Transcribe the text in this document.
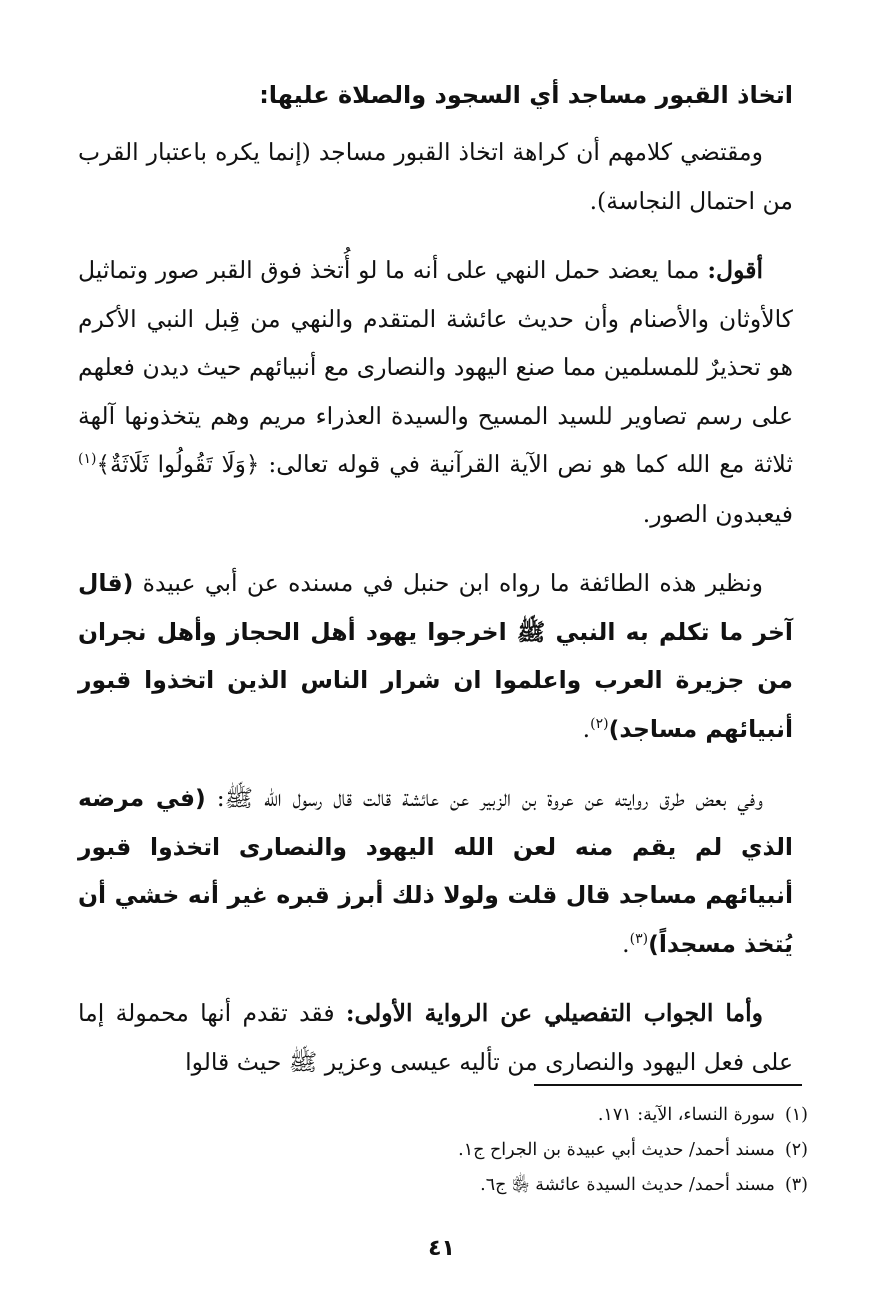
اتخاذ القبور مساجد أي السجود والصلاة عليها:

ومقتضي كلامهم أن كراهة اتخاذ القبور مساجد (إنما يكره باعتبار القرب من احتمال النجاسة).

أقول: مما يعضد حمل النهي على أنه ما لو أُتخذ فوق القبر صور وتماثيل كالأوثان والأصنام وأن حديث عائشة المتقدم والنهي من قِبل النبي الأكرم هو تحذيرٌ للمسلمين مما صنع اليهود والنصارى مع أنبيائهم حيث ديدن فعلهم على رسم تصاوير للسيد المسيح والسيدة العذراء مريم وهم يتخذونها آلهة ثلاثة مع الله كما هو نص الآية القرآنية في قوله تعالى: ﴿وَلَا تَقُولُوا ثَلَاثَةٌ﴾$^{(١)}$ فيعبدون الصور.

ونظير هذه الطائفة ما رواه ابن حنبل في مسنده عن أبي عبيدة (قال آخر ما تكلم به النبي ﷺ اخرجوا يهود أهل الحجاز وأهل نجران من جزيرة العرب واعلموا ان شرار الناس الذين اتخذوا قبور أنبيائهم مساجد)$^{(٢)}$.

وفي بعض طرق روايته عن عروة بن الزبير عن عائشة قالت قال رسول الله ﷺ: (في مرضه الذي لم يقم منه لعن الله اليهود والنصارى اتخذوا قبور أنبيائهم مساجد قال قلت ولولا ذلك أبرز قبره غير أنه خشي أن يُتخذ مسجداً)$^{(٣)}$.

وأما الجواب التفصيلي عن الرواية الأولى: فقد تقدم أنها محمولة إما على فعل اليهود والنصارى من تأليه عيسى وعزير ﷺ حيث قالوا

(١)سورة النساء، الآية: ١٧١.
(٢)مسند أحمد/ حديث أبي عبيدة بن الجراح ج١.
(٣)مسند أحمد/ حديث السيدة عائشة ﵂ ج٦.
٤١
